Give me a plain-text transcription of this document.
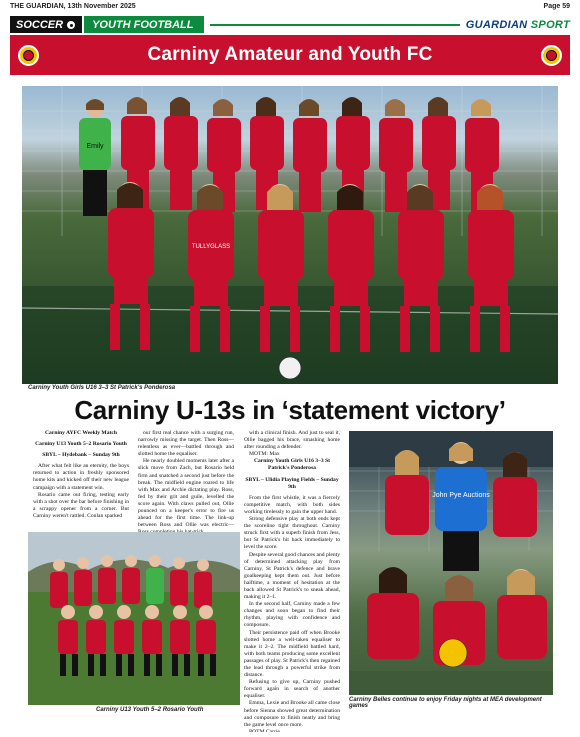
THE GUARDIAN, 13th November 2025	Page 59
SOCCER	YOUTH FOOTBALL	GUARDIAN SPORT
Carniny Amateur and Youth FC
Emily
TULLYGLASS
Carniny Youth Girls U16 3–3 St Patrick's Ponderosa
Carniny U-13s in ‘statement victory’

Carniny AYFC Weekly Match

Carniny U13 Youth 5–2 Rosario Youth

SBYL – Hydebank – Sunday 9th

After what felt like an eternity, the boys returned to action in freshly sponsored home kits and kicked off their new league campaign with a statement win.

Rosario came out firing, testing early with a shot over the bar before finishing in a scrappy opener from a corner. But Carniny weren't rattled. Conlan sparked

our first real chance with a surging run, narrowly missing the target. Then Ross—relentless as ever—battled through and slotted home the equaliser.

He nearly doubled moments later after a slick move from Zach, but Rosario held firm and snatched a second just before the break. The midfield engine roared to life with Max and Archie dictating play. Ross, fed by their grit and guile, levelled the score again. With claws pulled out, Ollie pounced on a keeper's error to fire us ahead for the first time. The link-up between Ross and Ollie was electric—

with a clinical finish. And just to seal it, Ollie bagged his brace, smashing home after rounding a defender.

MOTM: Max

Carniny Youth Girls U16 3–3 St Patrick's Ponderosa

SBYL – Ulidia Playing Fields – Sunday 9th

From the first whistle, it was a fiercely competitive match, with both sides working tirelessly to gain the upper hand.

Strong defensive play at both ends kept the scoreline tight throughout. Carniny struck first with a superb finish from Jess, but St Patrick's hit back immediately to level the score.

Despite several good chances and plenty of determined attacking play from Carniny, St Patrick's defence and brave goalkeeping kept them out. Just before halftime, a moment of hesitation at the back allowed St Patrick's to sneak ahead, making it 2–1.

In the second half, Carniny made a few changes and soon began to find their rhythm, playing with confidence and composure.

Their persistence paid off when Brooke slotted home a well-taken equaliser to make it 2–2. The midfield battled hard, with both teams producing some excellent passages of play. St Patrick's then regained the lead through a powerful strike from distance.

Refusing to give up, Carniny pushed forward again in search of another equaliser.

Emma, Lexie and Brooke all came close before Sienna showed great determination and composure to finish neatly and bring the game level once more.

POTM Carrie

Carniny U13 Youth 5–2 Rosario Youth
John Pye Auctions
Carniny Belles continue to enjoy Friday nights at MEA development games
